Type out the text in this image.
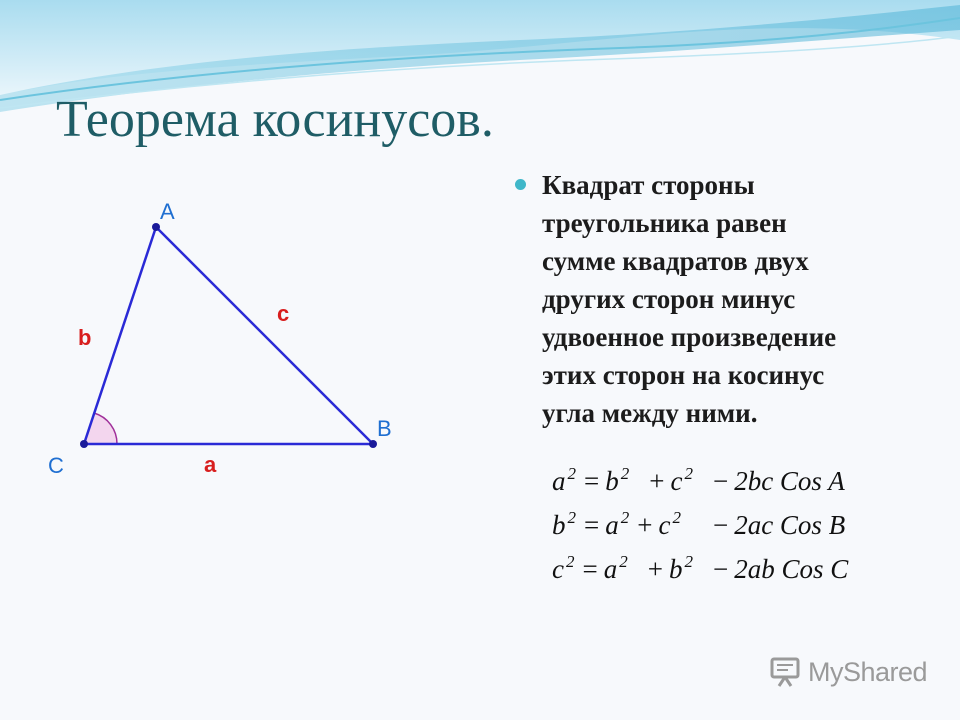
Теорема косинусов.
Квадрат стороны
треугольника равен
сумме квадратов двух
других сторон минус
удвоенное произведение
этих сторон на косинус
угла между ними.
A
B
C
b
c
a
a $^2$ = b $^2$ + c $^2$ − 2bc Cos A
b $^2$ = a $^2$ + c $^2$ − 2ac Cos B
c $^2$ = a $^2$ + b $^2$ − 2ab Cos C
MyShared
